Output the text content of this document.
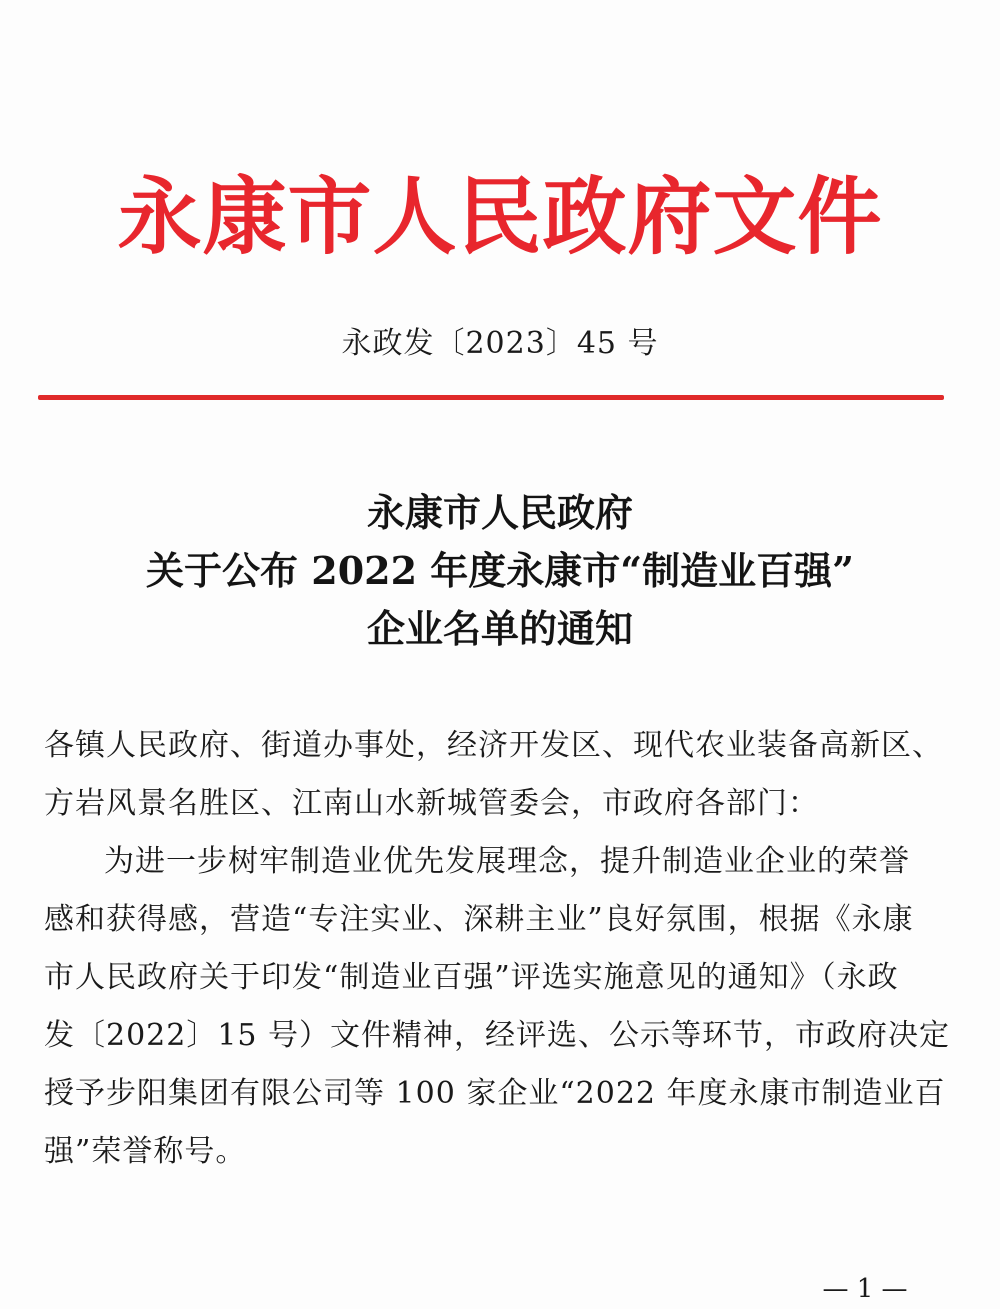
永康市人民政府文件
永政发〔2023〕45 号
永康市人民政府
关于公布 2022 年度永康市“制造业百强”
企业名单的通知
各镇人民政府、街道办事处，经济开发区、现代农业装备高新区、
方岩风景名胜区、江南山水新城管委会，市政府各部门：
为进一步树牢制造业优先发展理念，提升制造业企业的荣誉
感和获得感，营造“专注实业、深耕主业”良好氛围，根据《永康
市人民政府关于印发“制造业百强”评选实施意见的通知》（永政
发〔2022〕15 号）文件精神，经评选、公示等环节，市政府决定
授予步阳集团有限公司等 100 家企业“2022 年度永康市制造业百
强”荣誉称号。
— 1 —
